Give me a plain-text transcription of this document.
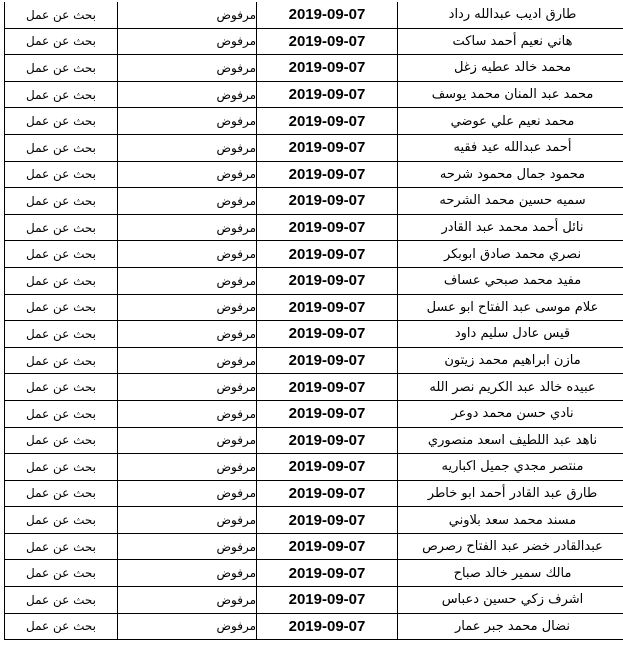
طارق اديب عبدالله رداد	2019-09-07	مرفوض	بحث عن عمل
هاني نعيم أحمد ساكت	2019-09-07	مرفوض	بحث عن عمل
محمد خالد عطيه زغل	2019-09-07	مرفوض	بحث عن عمل
محمد عبد المنان محمد يوسف	2019-09-07	مرفوض	بحث عن عمل
محمد نعيم علي عوضي	2019-09-07	مرفوض	بحث عن عمل
أحمد عبدالله عيد فقيه	2019-09-07	مرفوض	بحث عن عمل
محمود جمال محمود شرحه	2019-09-07	مرفوض	بحث عن عمل
سميه حسين محمد الشرحه	2019-09-07	مرفوض	بحث عن عمل
نائل أحمد محمد عبد القادر	2019-09-07	مرفوض	بحث عن عمل
نصري محمد صادق ابوبكر	2019-09-07	مرفوض	بحث عن عمل
مفيد محمد صبحي عساف	2019-09-07	مرفوض	بحث عن عمل
علام موسى عبد الفتاح ابو عسل	2019-09-07	مرفوض	بحث عن عمل
قيس عادل سليم داود	2019-09-07	مرفوض	بحث عن عمل
مازن ابراهيم محمد زيتون	2019-09-07	مرفوض	بحث عن عمل
عبيده خالد عبد الكريم نصر الله	2019-09-07	مرفوض	بحث عن عمل
نادي حسن محمد دوعر	2019-09-07	مرفوض	بحث عن عمل
ناهد عبد اللطيف اسعد منصوري	2019-09-07	مرفوض	بحث عن عمل
منتصر مجدي جميل اكباريه	2019-09-07	مرفوض	بحث عن عمل
طارق عبد القادر أحمد ابو خاطر	2019-09-07	مرفوض	بحث عن عمل
مسند محمد سعد بلاوني	2019-09-07	مرفوض	بحث عن عمل
عبدالقادر خضر عبد الفتاح رصرص	2019-09-07	مرفوض	بحث عن عمل
مالك سمير خالد صباح	2019-09-07	مرفوض	بحث عن عمل
اشرف زكي حسين دعباس	2019-09-07	مرفوض	بحث عن عمل
نضال محمد جبر عمار	2019-09-07	مرفوض	بحث عن عمل
